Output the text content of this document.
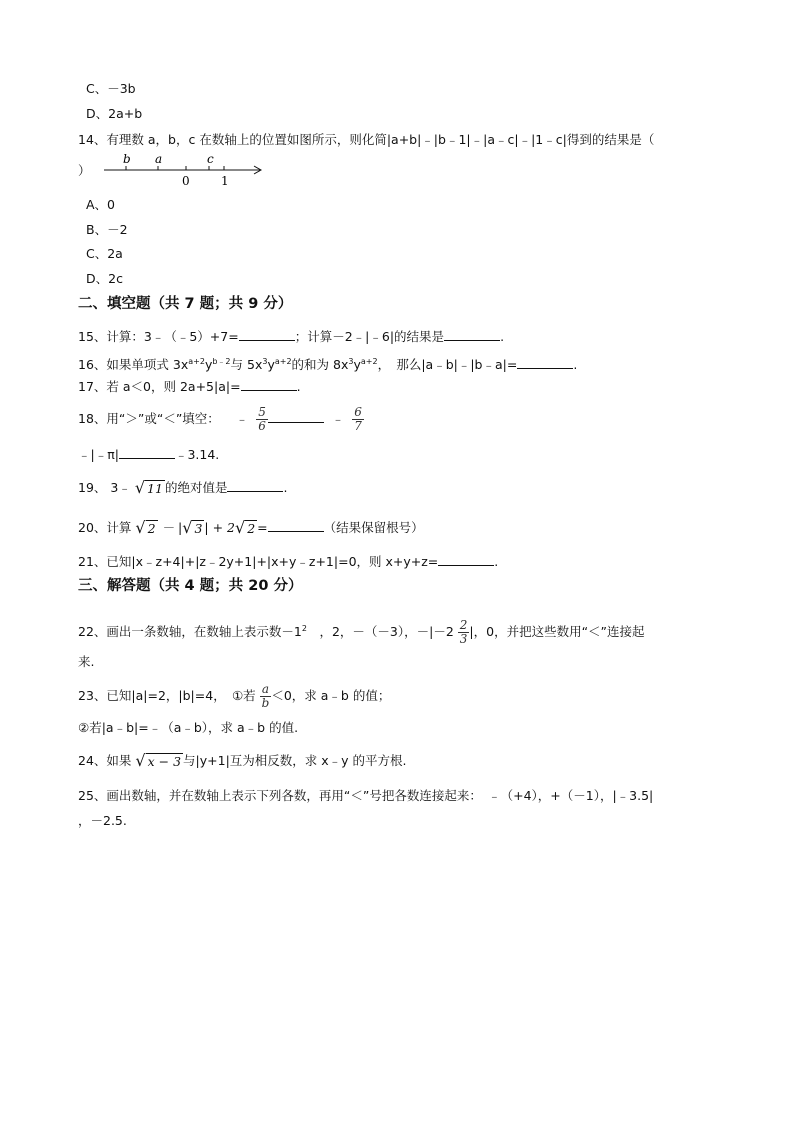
C、－3b
D、2a+b
14、有理数 a，b，c 在数轴上的位置如图所示，则化简|a+b|﹣|b﹣1|﹣|a﹣c|﹣|1﹣c|得到的结果是（
）
b a	c
0	1
A、0
B、－2
C、2a
D、2c
二、填空题（共 7 题；共 9 分）
15、计算：3﹣（﹣5）+7=	；计算－2﹣|﹣6|的结果是	.
16、如果单项式 $3x^{a+2}y^{b﹣2}$与 $5x^3y^{a+2}$的和为 $8x^3y^{a+2}$，　那么|a﹣b|﹣|b﹣a|=	.
17、若 a＜0，则 2a+5|a|=	.
18、用“＞”或“＜”填空： ﹣ $\frac{5}{6}$	﹣ $\frac{6}{7}$
﹣|﹣π|	﹣3.14.
19、 3﹣ √ 11 的绝对值是	.
20、计算 √ 2 － |√ 3 | + 2√ 2 =	（结果保留根号）
21、已知|x﹣z+4|+|z﹣2y+1|+|x+y﹣z+1|=0，则 x+y+z=	.
三、解答题（共 4 题；共 20 分）
22、画出一条数轴，在数轴上表示数$-1^2$　，2，－（－3），$-|-2 \frac{2}{3}$ |，0，并把这些数用“＜”连接起
来.
23、已知|a|=2，|b|=4，　①若 $\frac{a}{b} <0$，求 a﹣b 的值；
②若|a﹣b|=﹣（a﹣b），求 a﹣b 的值.
24、如果 √ x − 3 与|y+1|互为相反数，求 x﹣y 的平方根.
25、画出数轴，并在数轴上表示下列各数，再用“＜”号把各数连接起来：　﹣（+4），+（－1），|﹣3.5|
，－2.5.
